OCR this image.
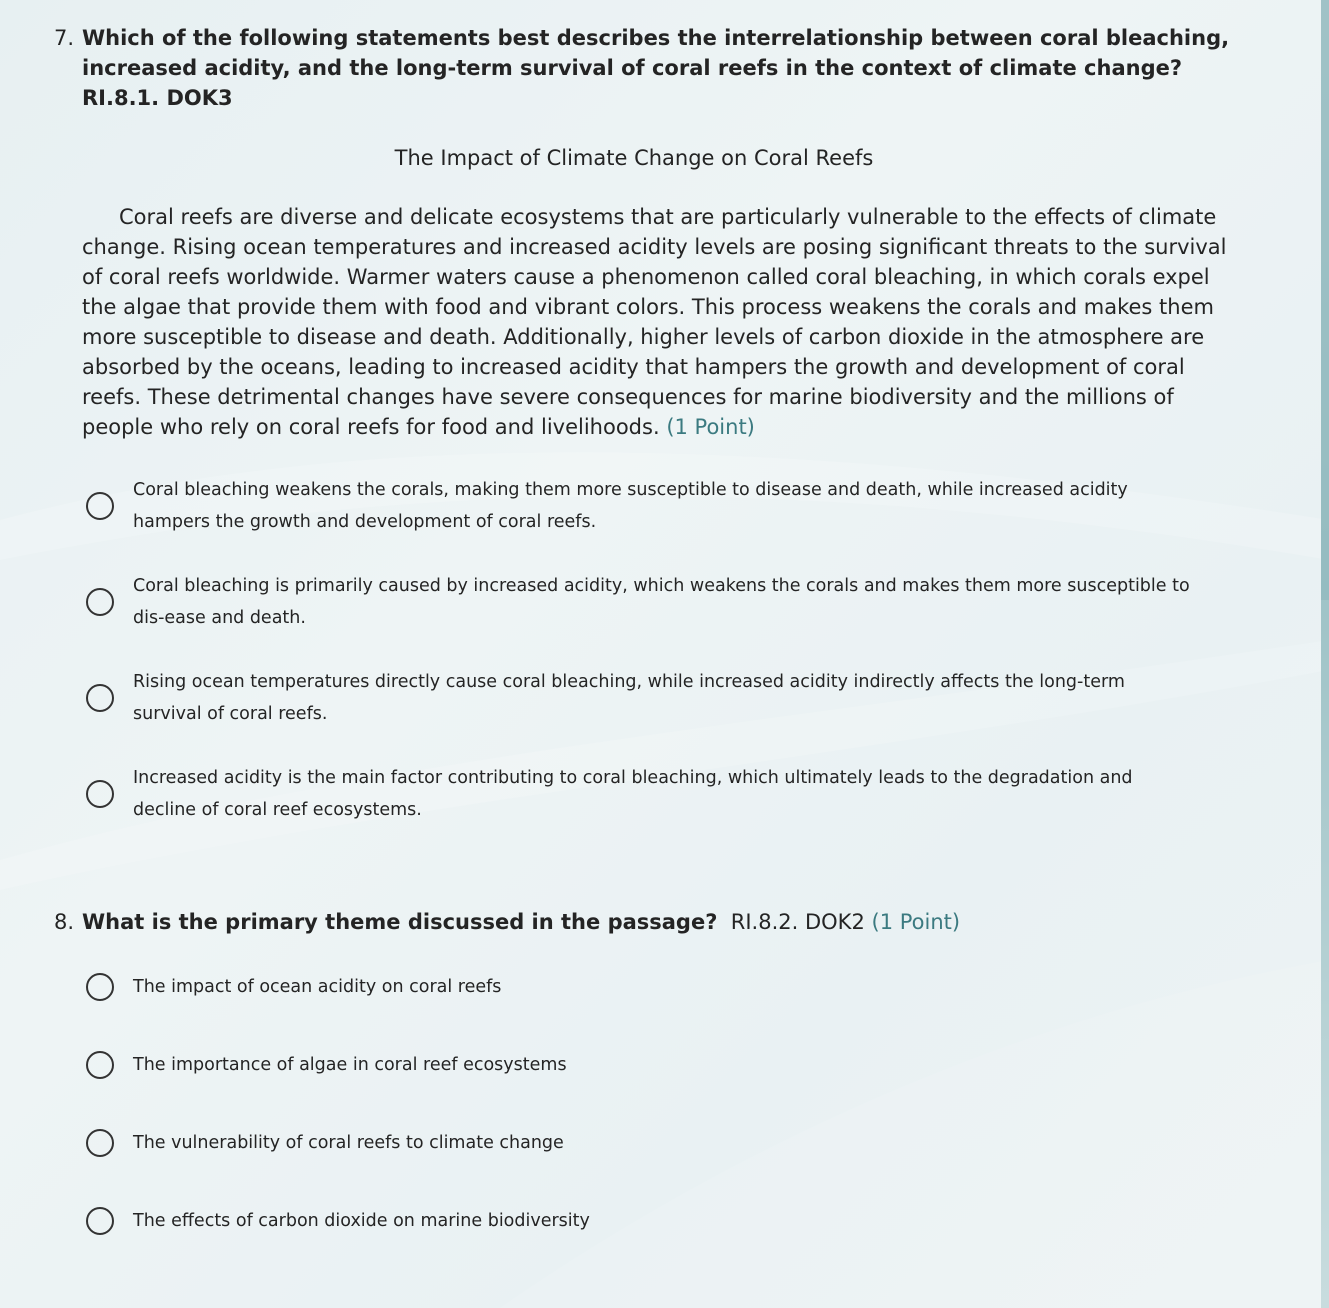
7. Which of the following statements best describes the interrelationship between coral bleaching, increased acidity, and the long-term survival of coral reefs in the context of climate change? RI.8.1. DOK3
The Impact of Climate Change on Coral Reefs
Coral reefs are diverse and delicate ecosystems that are particularly vulnerable to the effects of climate change. Rising ocean temperatures and increased acidity levels are posing significant threats to the survival of coral reefs worldwide. Warmer waters cause a phenomenon called coral bleaching, in which corals expel the algae that provide them with food and vibrant colors. This process weakens the corals and makes them more susceptible to disease and death. Additionally, higher levels of carbon dioxide in the atmosphere are absorbed by the oceans, leading to increased acidity that hampers the growth and development of coral reefs. These detrimental changes have severe consequences for marine biodiversity and the millions of people who rely on coral reefs for food and livelihoods. (1 Point)
Coral bleaching weakens the corals, making them more susceptible to disease and death, while increased acidity hampers the growth and development of coral reefs.
Coral bleaching is primarily caused by increased acidity, which weakens the corals and makes them more susceptible to dis-ease and death.
Rising ocean temperatures directly cause coral bleaching, while increased acidity indirectly affects the long-term survival of coral reefs.
Increased acidity is the main factor contributing to coral bleaching, which ultimately leads to the degradation and decline of coral reef ecosystems.
8. What is the primary theme discussed in the passage? RI.8.2. DOK2 (1 Point)
The impact of ocean acidity on coral reefs
The importance of algae in coral reef ecosystems
The vulnerability of coral reefs to climate change
The effects of carbon dioxide on marine biodiversity
